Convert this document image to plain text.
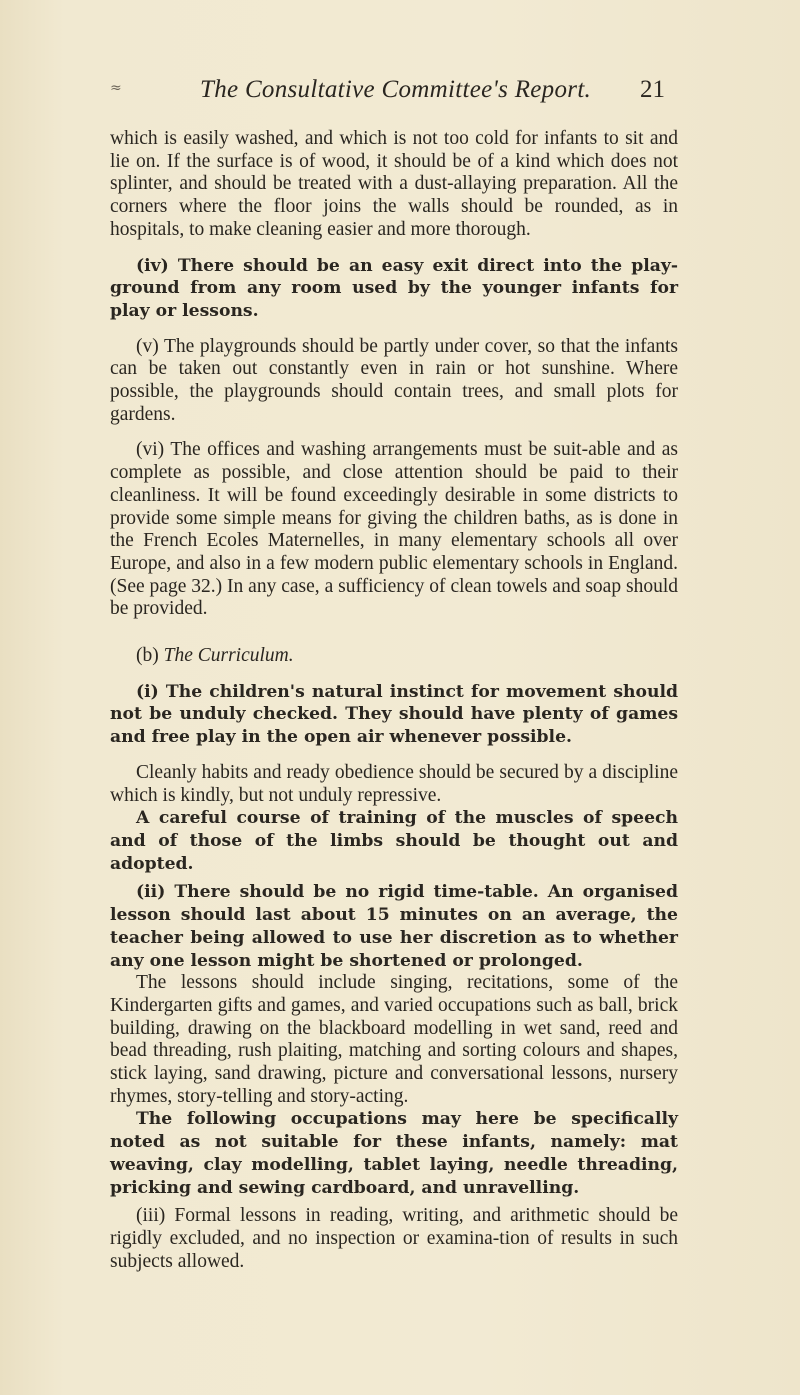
≈	The Consultative Committee's Report. 21

which is easily washed, and which is not too cold for infants to sit and lie on. If the surface is of wood, it should be of a kind which does not splinter, and should be treated with a dust-allaying preparation. All the corners where the floor joins the walls should be rounded, as in hospitals, to make cleaning easier and more thorough.

(iv) There should be an easy exit direct into the play-ground from any room used by the younger infants for play or lessons.

(v) The playgrounds should be partly under cover, so that the infants can be taken out constantly even in rain or hot sunshine. Where possible, the playgrounds should contain trees, and small plots for gardens.

(vi) The offices and washing arrangements must be suit-able and as complete as possible, and close attention should be paid to their cleanliness. It will be found exceedingly desirable in some districts to provide some simple means for giving the children baths, as is done in the French Ecoles Maternelles, in many elementary schools all over Europe, and also in a few modern public elementary schools in England. (See page 32.) In any case, a sufficiency of clean towels and soap should be provided.

(b) The Curriculum.

(i) The children's natural instinct for movement should not be unduly checked. They should have plenty of games and free play in the open air whenever possible.

Cleanly habits and ready obedience should be secured by a discipline which is kindly, but not unduly repressive.

A careful course of training of the muscles of speech and of those of the limbs should be thought out and adopted.

(ii) There should be no rigid time-table. An organised lesson should last about 15 minutes on an average, the teacher being allowed to use her discretion as to whether any one lesson might be shortened or prolonged.

The lessons should include singing, recitations, some of the Kindergarten gifts and games, and varied occupations such as ball, brick building, drawing on the blackboard modelling in wet sand, reed and bead threading, rush plaiting, matching and sorting colours and shapes, stick laying, sand drawing, picture and conversational lessons, nursery rhymes, story-telling and story-acting.

The following occupations may here be specifically noted as not suitable for these infants, namely: mat weaving, clay modelling, tablet laying, needle threading, pricking and sewing cardboard, and unravelling.

(iii) Formal lessons in reading, writing, and arithmetic should be rigidly excluded, and no inspection or examina-tion of results in such subjects allowed.
